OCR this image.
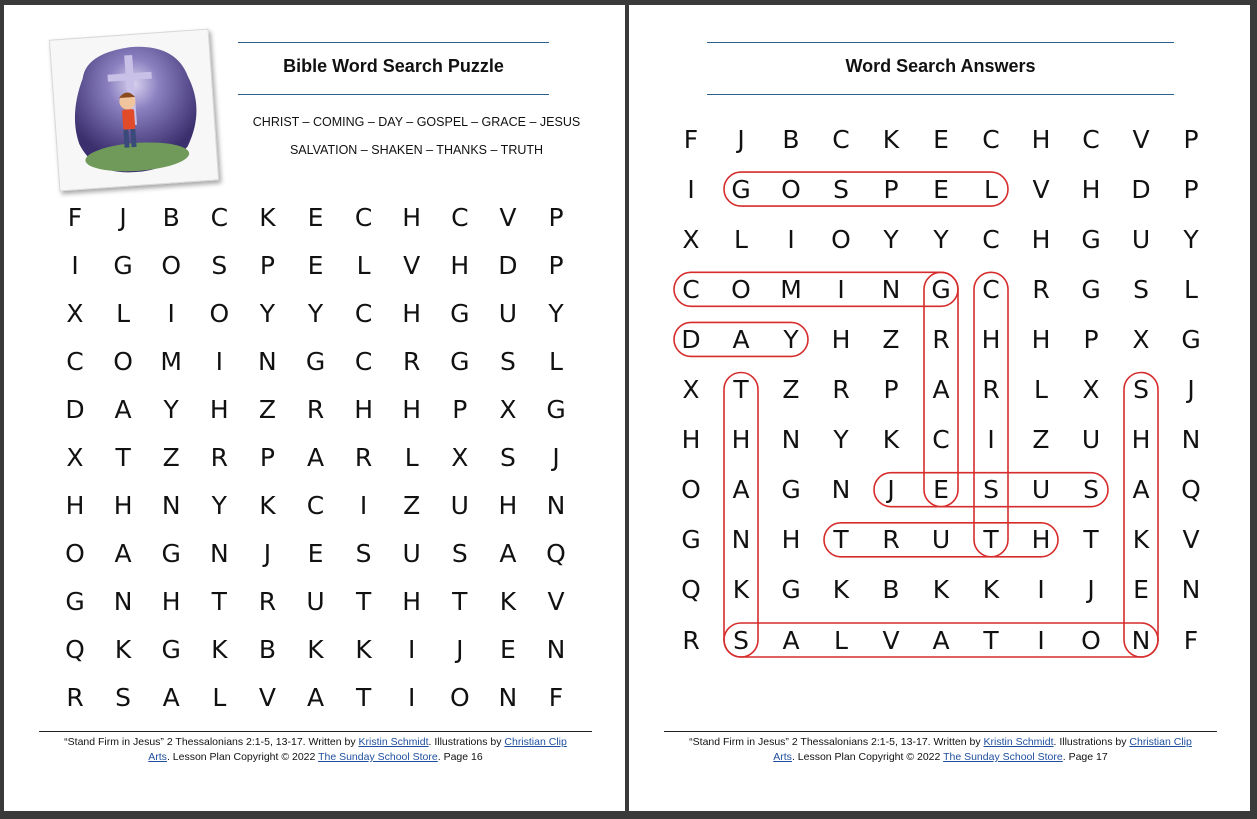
Bible Word Search Puzzle
CHRIST – COMING – DAY – GOSPEL – GRACE – JESUS
SALVATION – SHAKEN – THANKS – TRUTH
F	J	B	C	K	E	C	H	C	V	P
I	G	O	S	P	E	L	V	H	D	P
X	L	I	O	Y	Y	C	H	G	U	Y
C	O	M	I	N	G	C	R	G	S	L
D	A	Y	H	Z	R	H	H	P	X	G
X	T	Z	R	P	A	R	L	X	S	J
H	H	N	Y	K	C	I	Z	U	H	N
O	A	G	N	J	E	S	U	S	A	Q
G	N	H	T	R	U	T	H	T	K	V
Q	K	G	K	B	K	K	I	J	E	N
R	S	A	L	V	A	T	I	O	N	F
“Stand Firm in Jesus” 2 Thessalonians 2:1-5, 13-17. Written by Kristin Schmidt. Illustrations by Christian Clip
Arts. Lesson Plan Copyright © 2022 The Sunday School Store. Page 16
Word Search Answers
F	J	B	C	K	E	C	H	C	V	P
I	G	O	S	P	E	L	V	H	D	P
X	L	I	O	Y	Y	C	H	G	U	Y
C	O	M	I	N	G	C	R	G	S	L
D	A	Y	H	Z	R	H	H	P	X	G
X	T	Z	R	P	A	R	L	X	S	J
H	H	N	Y	K	C	I	Z	U	H	N
O	A	G	N	J	E	S	U	S	A	Q
G	N	H	T	R	U	T	H	T	K	V
Q	K	G	K	B	K	K	I	J	E	N
R	S	A	L	V	A	T	I	O	N	F
“Stand Firm in Jesus” 2 Thessalonians 2:1-5, 13-17. Written by Kristin Schmidt. Illustrations by Christian Clip
Arts. Lesson Plan Copyright © 2022 The Sunday School Store. Page 17
